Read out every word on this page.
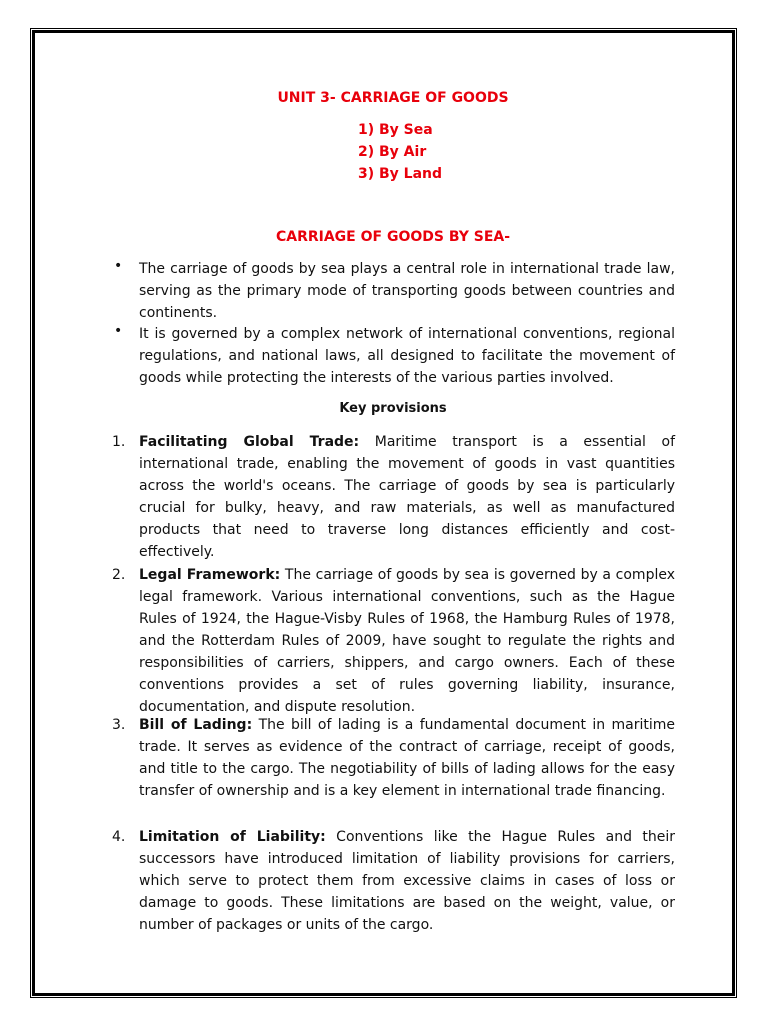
UNIT 3- CARRIAGE OF GOODS
1) By Sea
2) By Air
3) By Land
CARRIAGE OF GOODS BY SEA-
• The carriage of goods by sea plays a central role in international trade law, serving as the primary mode of transporting goods between countries and continents.
• It is governed by a complex network of international conventions, regional regulations, and national laws, all designed to facilitate the movement of goods while protecting the interests of the various parties involved.
Key provisions
1. Facilitating Global Trade: Maritime transport is a essential of international trade, enabling the movement of goods in vast quantities across the world's oceans. The carriage of goods by sea is particularly crucial for bulky, heavy, and raw materials, as well as manufactured products that need to traverse long distances efficiently and cost-effectively.
2. Legal Framework: The carriage of goods by sea is governed by a complex legal framework. Various international conventions, such as the Hague Rules of 1924, the Hague-Visby Rules of 1968, the Hamburg Rules of 1978, and the Rotterdam Rules of 2009, have sought to regulate the rights and responsibilities of carriers, shippers, and cargo owners. Each of these conventions provides a set of rules governing liability, insurance, documentation, and dispute resolution.
3. Bill of Lading: The bill of lading is a fundamental document in maritime trade. It serves as evidence of the contract of carriage, receipt of goods, and title to the cargo. The negotiability of bills of lading allows for the easy transfer of ownership and is a key element in international trade financing.
4. Limitation of Liability: Conventions like the Hague Rules and their successors have introduced limitation of liability provisions for carriers, which serve to protect them from excessive claims in cases of loss or damage to goods. These limitations are based on the weight, value, or number of packages or units of the cargo.
